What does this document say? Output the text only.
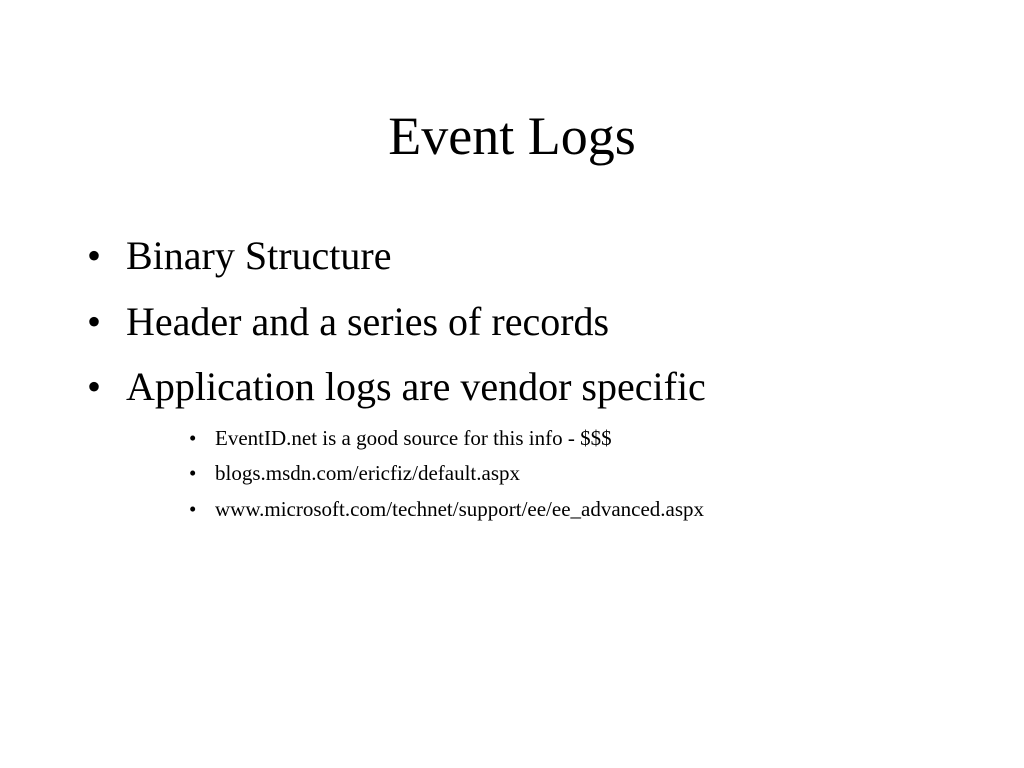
Event Logs
• Binary Structure
• Header and a series of records
• Application logs are vendor specific
• EventID.net is a good source for this info - $$$
• blogs.msdn.com/ericfiz/default.aspx
• www.microsoft.com/technet/support/ee/ee_advanced.aspx
